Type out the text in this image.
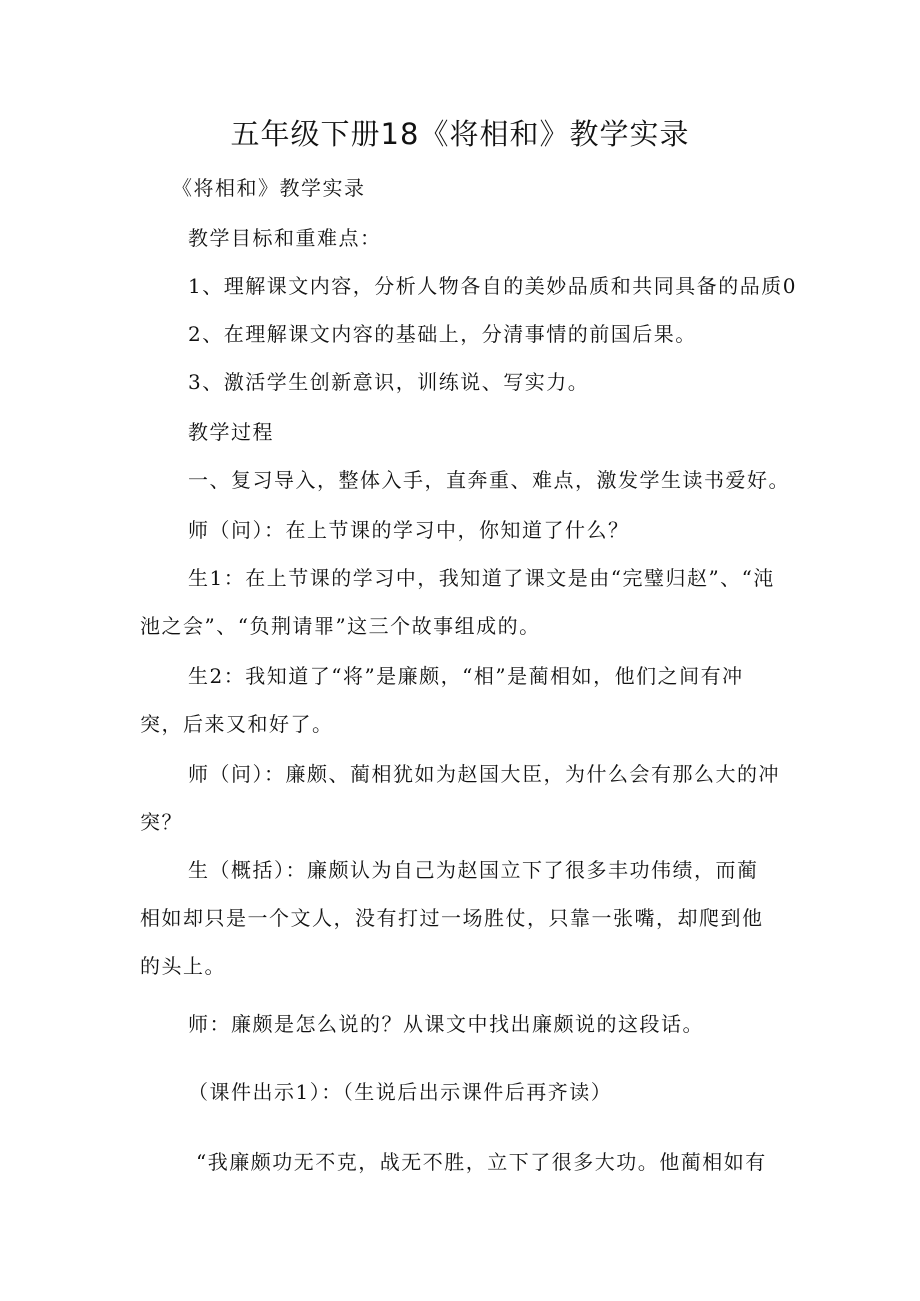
五年级下册18《将相和》教学实录
《将相和》教学实录
教学目标和重难点：
1、理解课文内容，分析人物各自的美妙品质和共同具备的品质0
2、在理解课文内容的基础上，分清事情的前国后果。
3、激活学生创新意识，训练说、写实力。
教学过程
一、复习导入，整体入手，直奔重、难点，激发学生读书爱好。
师（问）：在上节课的学习中，你知道了什么？
生1：在上节课的学习中，我知道了课文是由“完璧归赵”、“沌
池之会”、“负荆请罪”这三个故事组成的。
生2：我知道了“将”是廉颇，“相”是蔺相如，他们之间有冲
突，后来又和好了。
师（问）：廉颇、蔺相犹如为赵国大臣，为什么会有那么大的冲
突？
生（概括）：廉颇认为自己为赵国立下了很多丰功伟绩，而蔺
相如却只是一个文人，没有打过一场胜仗，只靠一张嘴，却爬到他
的头上。
师：廉颇是怎么说的？从课文中找出廉颇说的这段话。
（课件出示1）：（生说后出示课件后再齐读）
“我廉颇功无不克，战无不胜，立下了很多大功。他蔺相如有
